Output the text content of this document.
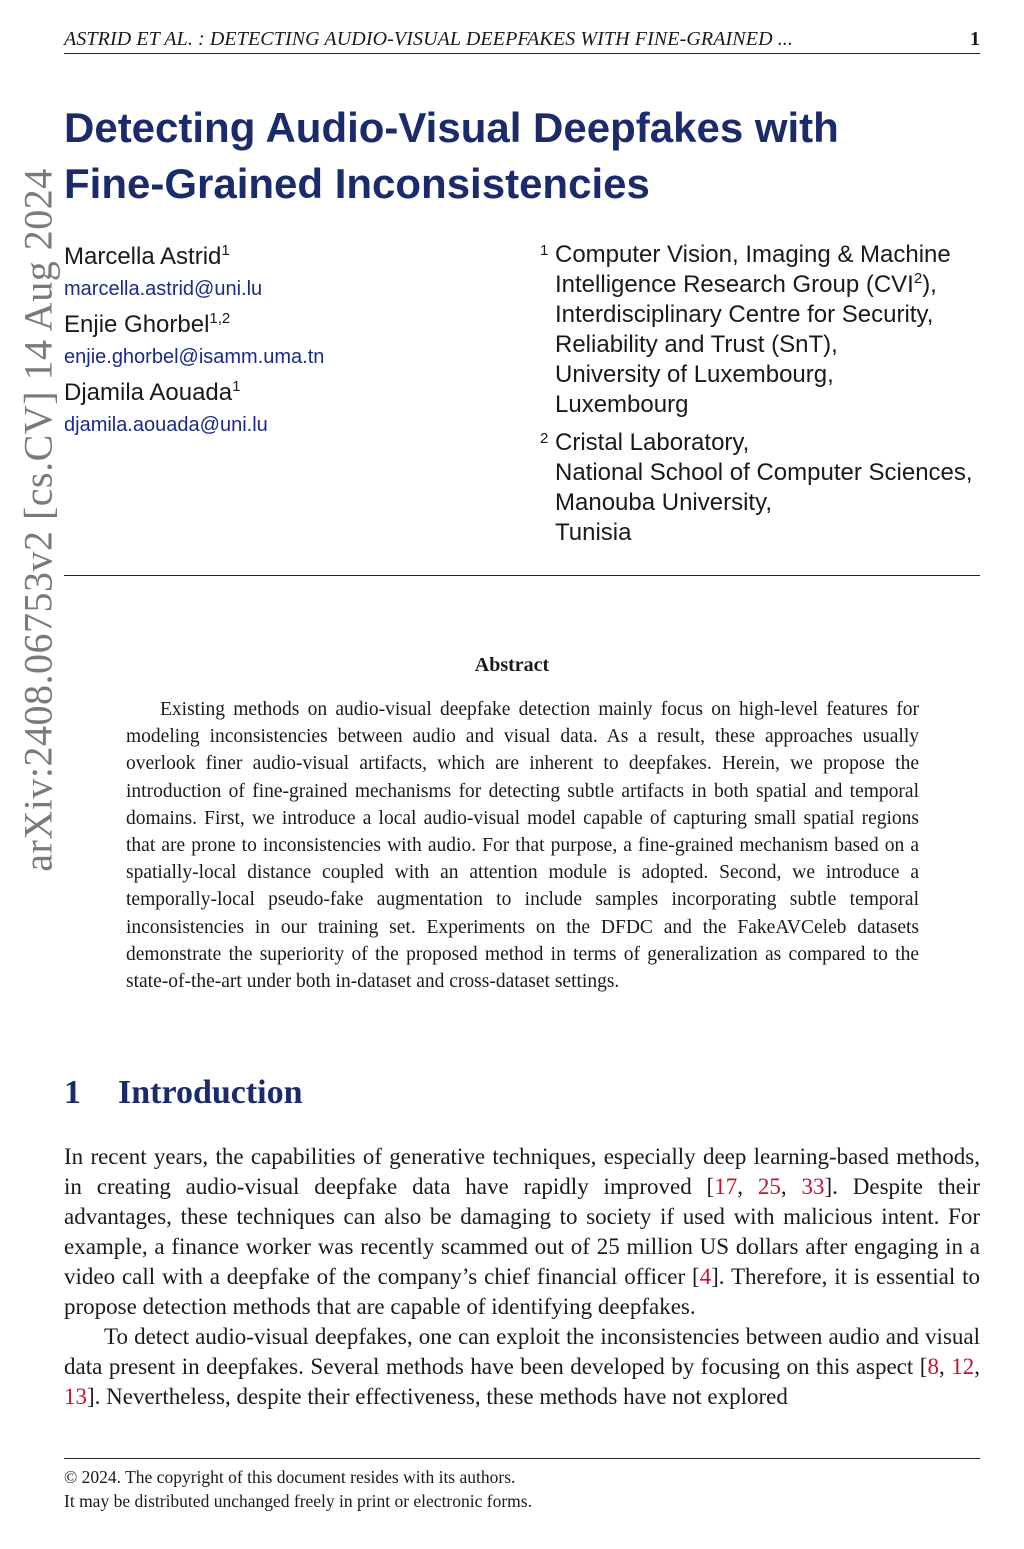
ASTRID ET AL. : DETECTING AUDIO-VISUAL DEEPFAKES WITH FINE-GRAINED ...	1
arXiv:2408.06753v2 [cs.CV] 14 Aug 2024
Detecting Audio-Visual Deepfakes with
Fine-Grained Inconsistencies
Marcella Astrid$^1$
marcella.astrid@uni.lu
Enjie Ghorbel$^{1,2}$
enjie.ghorbel@isamm.uma.tn
Djamila Aouada$^1$
djamila.aouada@uni.lu
1 Computer Vision, Imaging & Machine
Intelligence Research Group (CVI$^2$),
Interdisciplinary Centre for Security,
Reliability and Trust (SnT),
University of Luxembourg,
Luxembourg
2 Cristal Laboratory,
National School of Computer Sciences,
Manouba University,
Tunisia
Abstract

Existing methods on audio-visual deepfake detection mainly focus on high-level features for modeling inconsistencies between audio and visual data. As a result, these approaches usually overlook finer audio-visual artifacts, which are inherent to deepfakes. Herein, we propose the introduction of fine-grained mechanisms for detecting subtle artifacts in both spatial and temporal domains. First, we introduce a local audio-visual model capable of capturing small spatial regions that are prone to inconsistencies with audio. For that purpose, a fine-grained mechanism based on a spatially-local distance coupled with an attention module is adopted. Second, we introduce a temporally-local pseudo-fake augmentation to include samples incorporating subtle temporal inconsistencies in our training set. Experiments on the DFDC and the FakeAVCeleb datasets demonstrate the superiority of the proposed method in terms of generalization as compared to the state-of-the-art under both in-dataset and cross-dataset settings.

1 Introduction

In recent years, the capabilities of generative techniques, especially deep learning-based methods, in creating audio-visual deepfake data have rapidly improved [17, 25, 33]. Despite their advantages, these techniques can also be damaging to society if used with malicious intent. For example, a finance worker was recently scammed out of 25 million US dollars after engaging in a video call with a deepfake of the company’s chief financial officer [4]. Therefore, it is essential to propose detection methods that are capable of identifying deepfakes.

To detect audio-visual deepfakes, one can exploit the inconsistencies between audio and visual data present in deepfakes. Several methods have been developed by focusing on this aspect [8, 12, 13]. Nevertheless, despite their effectiveness, these methods have not explored

© 2024. The copyright of this document resides with its authors.
It may be distributed unchanged freely in print or electronic forms.
